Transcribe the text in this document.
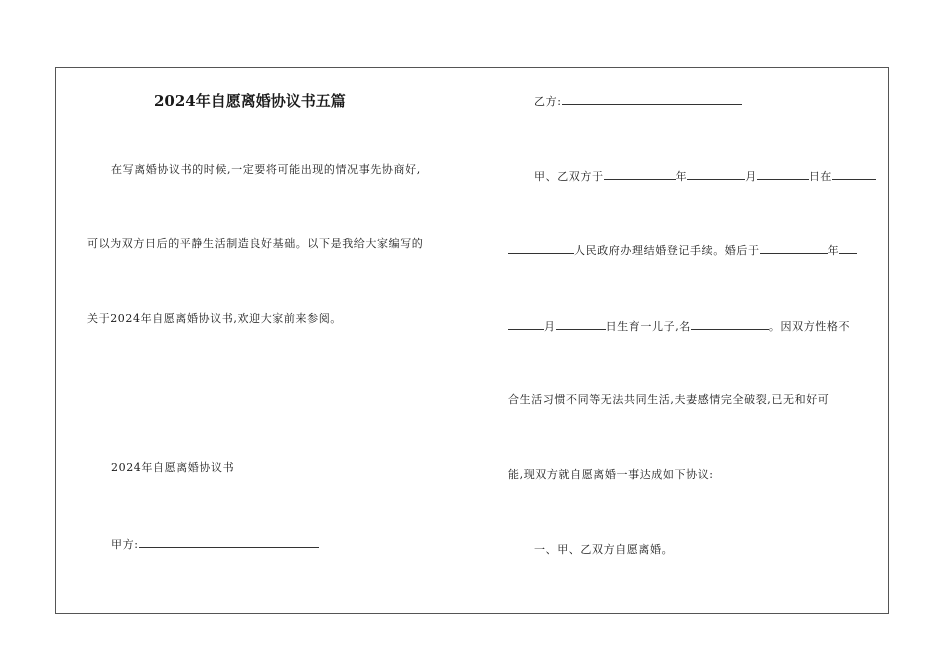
2024年自愿离婚协议书五篇
在写离婚协议书的时候,一定要将可能出现的情况事先协商好,
可以为双方日后的平静生活制造良好基础。以下是我给大家编写的
关于2024年自愿离婚协议书,欢迎大家前来参阅。
2024年自愿离婚协议书
甲方:
乙方:
甲、乙双方于	年	月	日在
人民政府办理结婚登记手续。婚后于	年
月	日生育一儿子,名	。因双方性格不
合生活习惯不同等无法共同生活,夫妻感情完全破裂,已无和好可
能,现双方就自愿离婚一事达成如下协议:
一、甲、乙双方自愿离婚。
